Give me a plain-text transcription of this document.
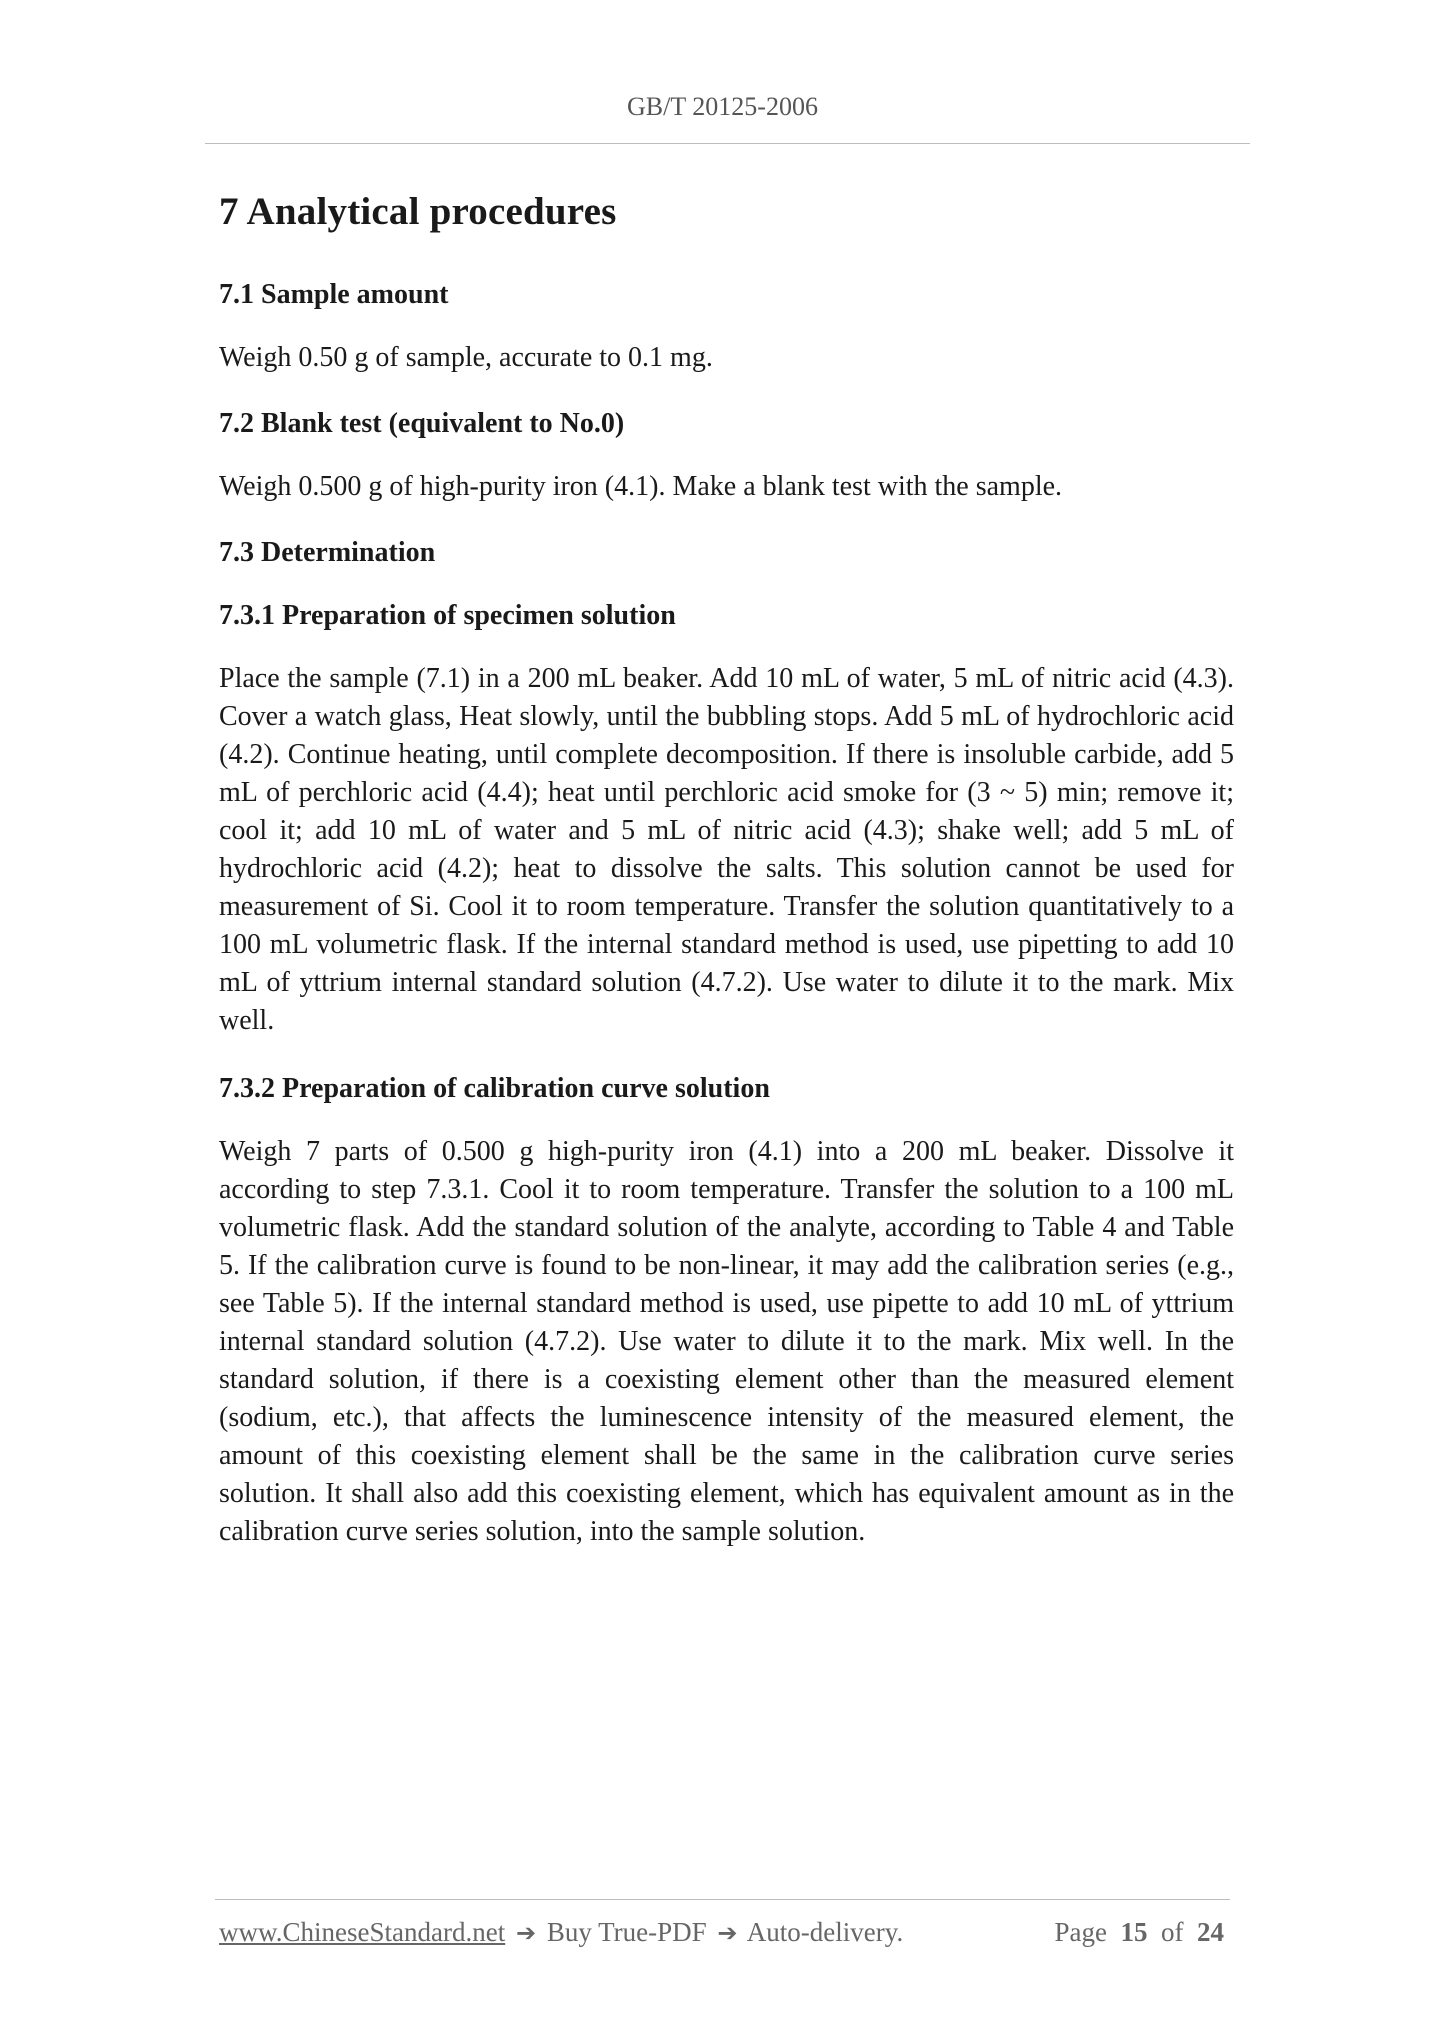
GB/T 20125-2006
7 Analytical procedures
7.1 Sample amount

Weigh 0.50 g of sample, accurate to 0.1 mg.

7.2 Blank test (equivalent to No.0)

Weigh 0.500 g of high-purity iron (4.1). Make a blank test with the sample.

7.3 Determination
7.3.1 Preparation of specimen solution

Place the sample (7.1) in a 200 mL beaker. Add 10 mL of water, 5 mL of nitric acid (4.3). Cover a watch glass, Heat slowly, until the bubbling stops. Add 5 mL of hydrochloric acid (4.2). Continue heating, until complete decomposition. If there is insoluble carbide, add 5 mL of perchloric acid (4.4); heat until perchloric acid smoke for (3 ~ 5) min; remove it; cool it; add 10 mL of water and 5 mL of nitric acid (4.3); shake well; add 5 mL of hydrochloric acid (4.2); heat to dissolve the salts. This solution cannot be used for measurement of Si. Cool it to room temperature. Transfer the solution quantitatively to a 100 mL volumetric flask. If the internal standard method is used, use pipetting to add 10 mL of yttrium internal standard solution (4.7.2). Use water to dilute it to the mark. Mix well.

7.3.2 Preparation of calibration curve solution

Weigh 7 parts of 0.500 g high-purity iron (4.1) into a 200 mL beaker. Dissolve it according to step 7.3.1. Cool it to room temperature. Transfer the solution to a 100 mL volumetric flask. Add the standard solution of the analyte, according to Table 4 and Table 5. If the calibration curve is found to be non-linear, it may add the calibration series (e.g., see Table 5). If the internal standard method is used, use pipette to add 10 mL of yttrium internal standard solution (4.7.2). Use water to dilute it to the mark. Mix well. In the standard solution, if there is a coexisting element other than the measured element (sodium, etc.), that affects the luminescence intensity of the measured element, the amount of this coexisting element shall be the same in the calibration curve series solution. It shall also add this coexisting element, which has equivalent amount as in the calibration curve series solution, into the sample solution.

www.ChineseStandard.net ➔ Buy True-PDF ➔ Auto-delivery.	Page 15 of 24
